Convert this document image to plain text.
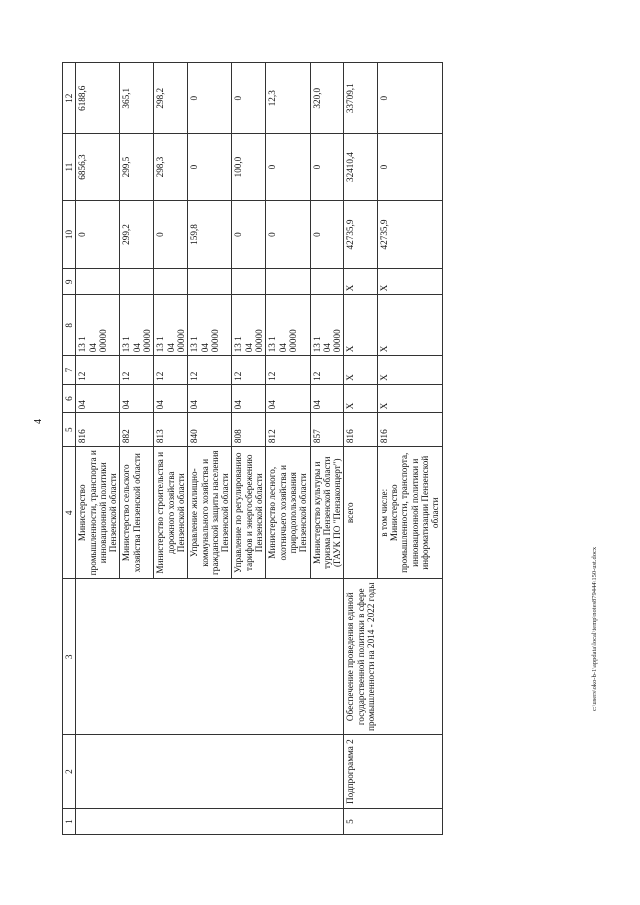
4
1	2	3	4	5	6	7	8	9	10	11	12
			Министерство промышленности, транспорта и инновационной политики Пензенской области	816	04	12	13 1 04 00000		0	6856,3	6188,6
			Министерство сельского хозяйства Пензенской области	882	04	12	13 1 04 00000		299,2	299,5	365,1
			Министерство строительства и дорожного хозяйства Пензенской области	813	04	12	13 1 04 00000		0	298,3	298,2
			Управление жилищно-коммунального хозяйства и гражданской защиты населения Пензенской области	840	04	12	13 1 04 00000		159,8	0	0
			Управление по регулированию тарифов и энергосбережению Пензенской области	808	04	12	13 1 04 00000		0	100,0	0
			Министерство лесного, охотничьего хозяйства и природопользования Пензенской области	812	04	12	13 1 04 00000		0	0	12,3
			Министерство культуры и туризма Пензенской области (ГАУК ПО "Пензаконцерт")	857	04	12	13 1 04 00000		0	0	320,0
5	Подпрограмма 2	Обеспечение проведения единой государственной политики в сфере промышленности на 2014 - 2022 годы	всего	816	Х	Х	Х	Х	42735,9	32410,4	33709,1

			в том числе: Министерство промышленности, транспорта, инновационной политики и информатизации Пензенской области	816	Х	Х	Х	Х	42735,9	0	0
c:\users\oko-b-1\appdata\local\temp\notes879444\150-ust.docx
